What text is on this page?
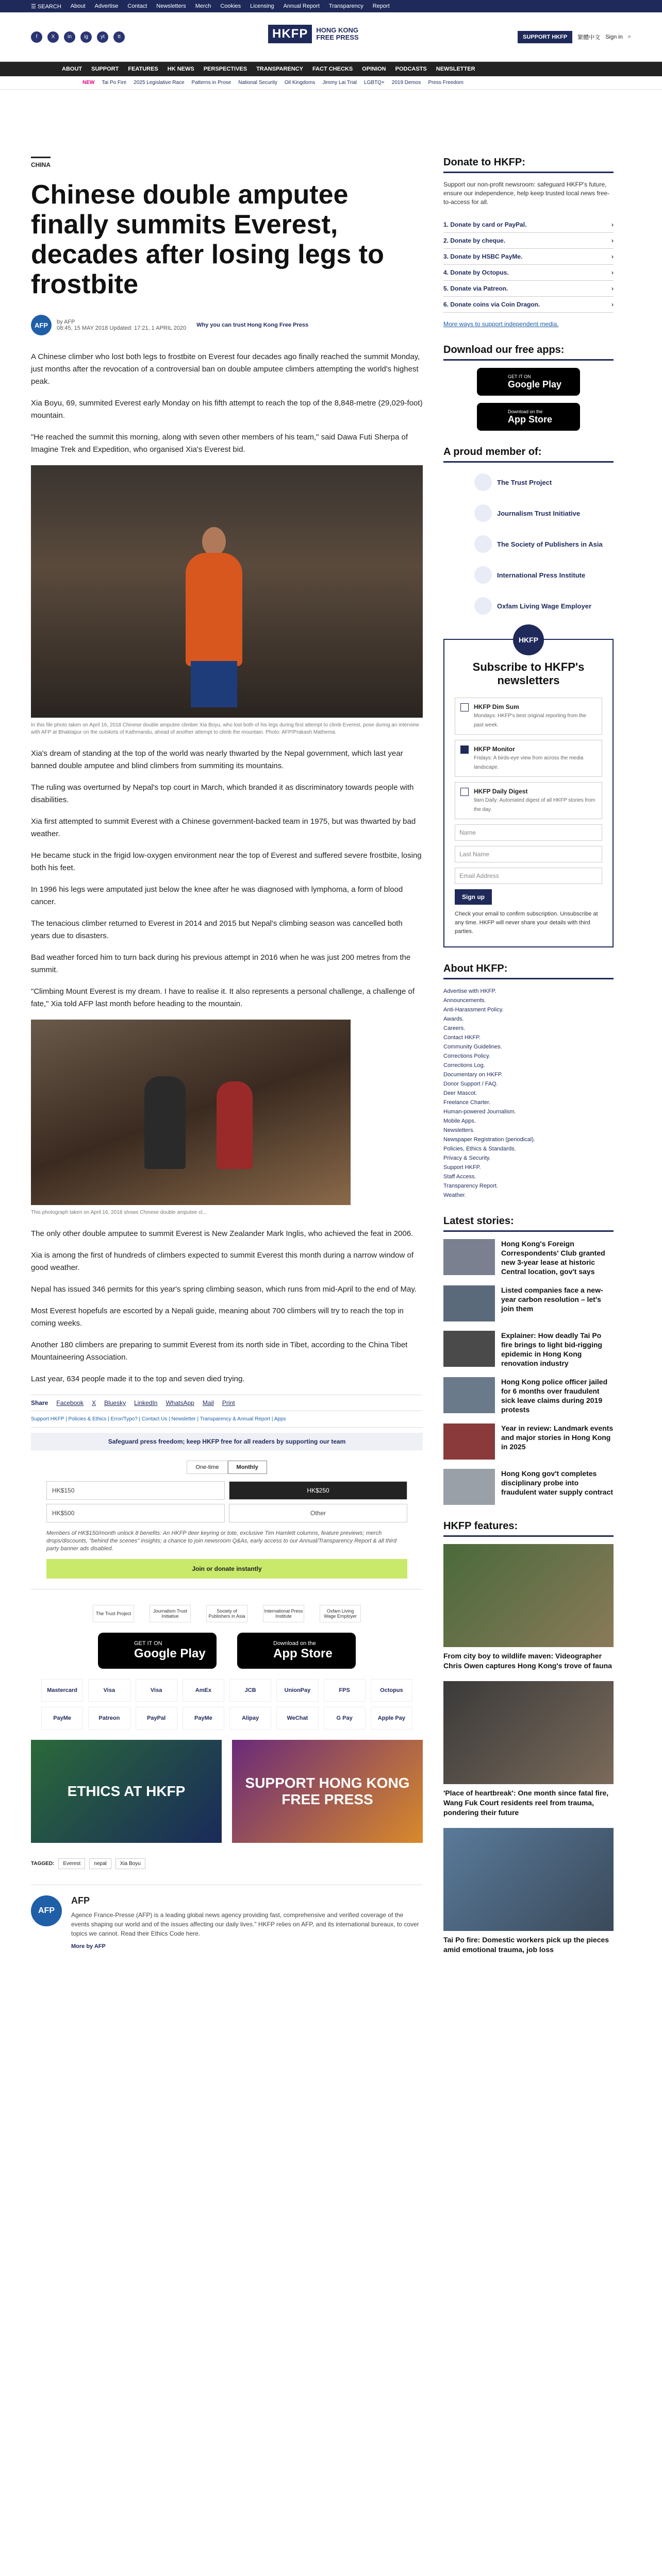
☰ SEARCH About Advertise Contact Newsletters Merch Cookies Licensing Annual Report Transparency Report
f	X	in	ig	yt	tt	HKFP	HONG KONG
FREE PRESS	SUPPORT HKFP	繁體中文 Sign in ⌕
ABOUT SUPPORT FEATURES HK NEWS PERSPECTIVES TRANSPARENCY FACT CHECKS OPINION PODCASTS NEWSLETTER
NEW Tai Po Fire 2025 Legislative Race Patterns in Prose National Security Oil Kingdoms Jimmy Lai Trial LGBTQ+ 2019 Demos Press Freedom
CHINA
Chinese double amputee finally summits Everest, decades after losing legs to frostbite
AFP	by AFP
08:45, 15 MAY 2018 Updated: 17:21, 1 APRIL 2020 Why you can trust Hong Kong Free Press

A Chinese climber who lost both legs to frostbite on Everest four decades ago finally reached the summit Monday, just months after the revocation of a controversial ban on double amputee climbers attempting the world's highest peak.

Xia Boyu, 69, summited Everest early Monday on his fifth attempt to reach the top of the 8,848-metre (29,029-foot) mountain.

"He reached the summit this morning, along with seven other members of his team," said Dawa Futi Sherpa of Imagine Trek and Expedition, who organised Xia's Everest bid.

In this file photo taken on April 16, 2018 Chinese double amputee climber Xia Boyu, who lost both of his legs during first attempt to climb Everest, pose during an interview with AFP at Bhaktapur on the outskirts of Kathmandu, ahead of another attempt to climb the mountain. Photo: AFP/Prakash Mathema.

Xia's dream of standing at the top of the world was nearly thwarted by the Nepal government, which last year banned double amputee and blind climbers from summiting its mountains.

The ruling was overturned by Nepal's top court in March, which branded it as discriminatory towards people with disabilities.

Xia first attempted to summit Everest with a Chinese government-backed team in 1975, but was thwarted by bad weather.

He became stuck in the frigid low-oxygen environment near the top of Everest and suffered severe frostbite, losing both his feet.

In 1996 his legs were amputated just below the knee after he was diagnosed with lymphoma, a form of blood cancer.

The tenacious climber returned to Everest in 2014 and 2015 but Nepal's climbing season was cancelled both years due to disasters.

Bad weather forced him to turn back during his previous attempt in 2016 when he was just 200 metres from the summit.

"Climbing Mount Everest is my dream. I have to realise it. It also represents a personal challenge, a challenge of fate," Xia told AFP last month before heading to the mountain.

This photograph taken on April 16, 2018 shows Chinese double amputee cl...

The only other double amputee to summit Everest is New Zealander Mark Inglis, who achieved the feat in 2006.

Xia is among the first of hundreds of climbers expected to summit Everest this month during a narrow window of good weather.

Nepal has issued 346 permits for this year's spring climbing season, which runs from mid-April to the end of May.

Most Everest hopefuls are escorted by a Nepali guide, meaning about 700 climbers will try to reach the top in coming weeks.

Another 180 climbers are preparing to summit Everest from its north side in Tibet, according to the China Tibet Mountaineering Association.

Last year, 634 people made it to the top and seven died trying.

Share Facebook X Bluesky LinkedIn WhatsApp Mail Print
Support HKFP | Policies & Ethics | Error/Typo? | Contact Us | Newsletter | Transparency & Annual Report | Apps
Safeguard press freedom; keep HKFP free for all readers by supporting our team
One-time	Monthly
HK$150	HK$250
HK$500	Other
Members of HK$150/month unlock 8 benefits: An HKFP deer keyring or tote, exclusive Tim Hamlett columns, feature previews; merch drops/discounts, "behind the scenes" insights; a chance to join newsroom Q&As, early access to our Annual/Transparency Report & all third party banner ads disabled.
Join or donate instantly
The Trust Project	Journalism Trust Initiative
Society of Publishers in Asia
International Press Institute
Oxfam Living Wage Employer
GET IT ON
Google Play
Download on the
App Store
Mastercard	Visa	Visa	AmEx	JCB	UnionPay	FPS	Octopus
PayMe	Patreon	PayPal	PayMe	Alipay	WeChat	G Pay	Apple Pay
ETHICS AT HKFP
SUPPORT HONG KONG FREE PRESS
TAGGED:	Everest	nepal	Xia Boyu
AFP
AFP

Agence France-Presse (AFP) is a leading global news agency providing fast, comprehensive and verified coverage of the events shaping our world and of the issues affecting our daily lives." HKFP relies on AFP, and its international bureaux, to cover topics we cannot. Read their Ethics Code here.

More by AFP
Donate to HKFP:

Support our non-profit newsroom: safeguard HKFP's future, ensure our independence, help keep trusted local news free-to-access for all.

1. Donate by card or PayPal.	›
2. Donate by cheque.	›
3. Donate by HSBC PayMe.	›
4. Donate by Octopus.	›
5. Donate via Patreon.	›
6. Donate coins via Coin Dragon.	›

More ways to support independent media.

Download our free apps:
GET IT ON
Google Play
Download on the
App Store
A proud member of:
The Trust Project
Journalism Trust Initiative
The Society of Publishers in Asia
International Press Institute
Oxfam Living Wage Employer
HKFP
Subscribe to HKFP's newsletters
HKFP Dim Sum
Mondays: HKFP's best original reporting from the past week.
HKFP Monitor
Fridays: A birds-eye view from across the media landscape.
HKFP Daily Digest
9am Daily: Automated digest of all HKFP stories from the day.
Name
Last Name
Email Address
Sign up

Check your email to confirm subscription. Unsubscribe at any time. HKFP will never share your details with third parties.

About HKFP:
Advertise with HKFP.
Announcements.
Anti-Harassment Policy.
Awards.
Careers.
Contact HKFP.
Community Guidelines.
Corrections Policy.
Corrections Log.
Documentary on HKFP.
Donor Support / FAQ.
Deer Mascot.
Freelance Charter.
Human-powered Journalism.
Mobile Apps.
Newsletters.
Newspaper Registration (periodical).
Policies, Ethics & Standards.
Privacy & Security.
Support HKFP.
Staff Access.
Transparency Report.
Weather.
Latest stories:
Hong Kong's Foreign Correspondents' Club granted new 3-year lease at historic Central location, gov't says
Listed companies face a new-year carbon resolution – let's join them
Explainer: How deadly Tai Po fire brings to light bid-rigging epidemic in Hong Kong renovation industry
Hong Kong police officer jailed for 6 months over fraudulent sick leave claims during 2019 protests
Year in review: Landmark events and major stories in Hong Kong in 2025
Hong Kong gov't completes disciplinary probe into fraudulent water supply contract
HKFP features:
From city boy to wildlife maven: Videographer Chris Owen captures Hong Kong's trove of fauna
'Place of heartbreak': One month since fatal fire, Wang Fuk Court residents reel from trauma, pondering their future
Tai Po fire: Domestic workers pick up the pieces amid emotional trauma, job loss
